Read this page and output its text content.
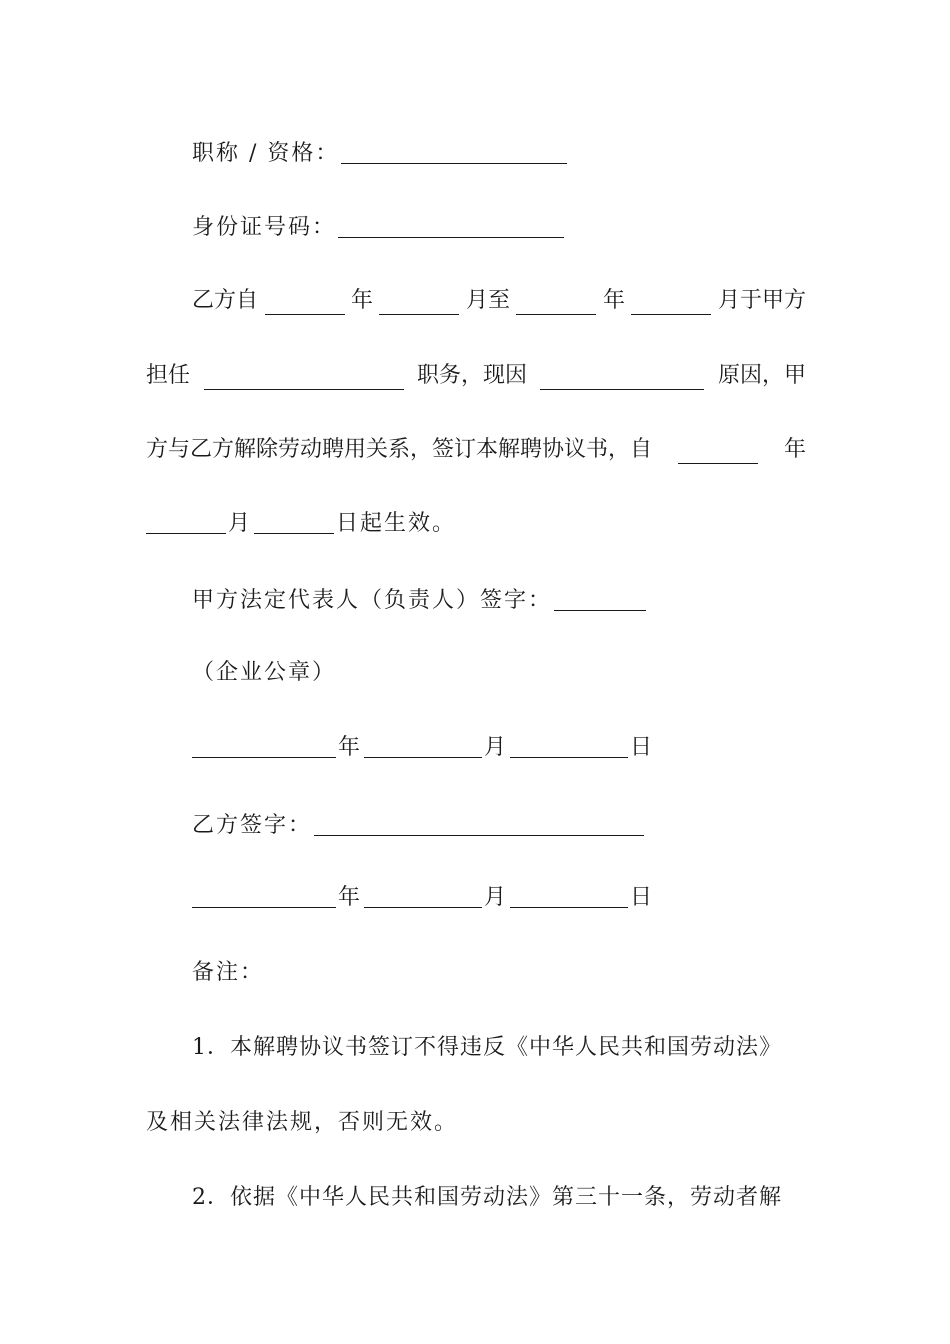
职称 / 资格：
身份证号码：
乙方自	年	月至	年	月于甲方
担任	职务，现因	原因，甲
方与乙方解除劳动聘用关系，签订本解聘协议书，自	年
月	日起生效。
甲方法定代表人（负责人）签字：
（企业公章）
年	月	日
乙方签字：
年	月	日
备注：
1．本解聘协议书签订不得违反《中华人民共和国劳动法》
及相关法律法规，否则无效。
2．依据《中华人民共和国劳动法》第三十一条，劳动者解
